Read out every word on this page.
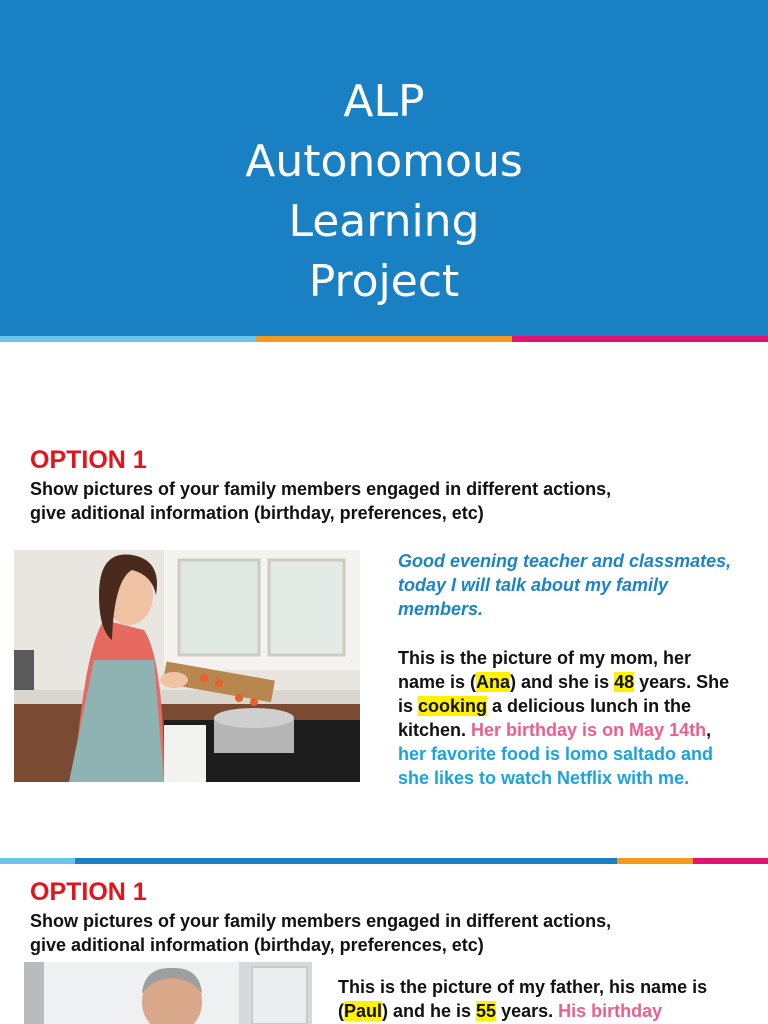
ALP
Autonomous
Learning
Project
OPTION 1
Show pictures of your family members engaged in different actions,
give aditional information (birthday, preferences, etc)
Good evening teacher and classmates, today I will talk about my family members.
This is the picture of my mom, her name is (Ana) and she is 48 years. She is cooking a delicious lunch in the kitchen. Her birthday is on May 14th, her favorite food is lomo saltado and she likes to watch Netflix with me.
OPTION 1
Show pictures of your family members engaged in different actions,
give aditional information (birthday, preferences, etc)
This is the picture of my father, his name is (Paul) and he is 55 years. His birthday
